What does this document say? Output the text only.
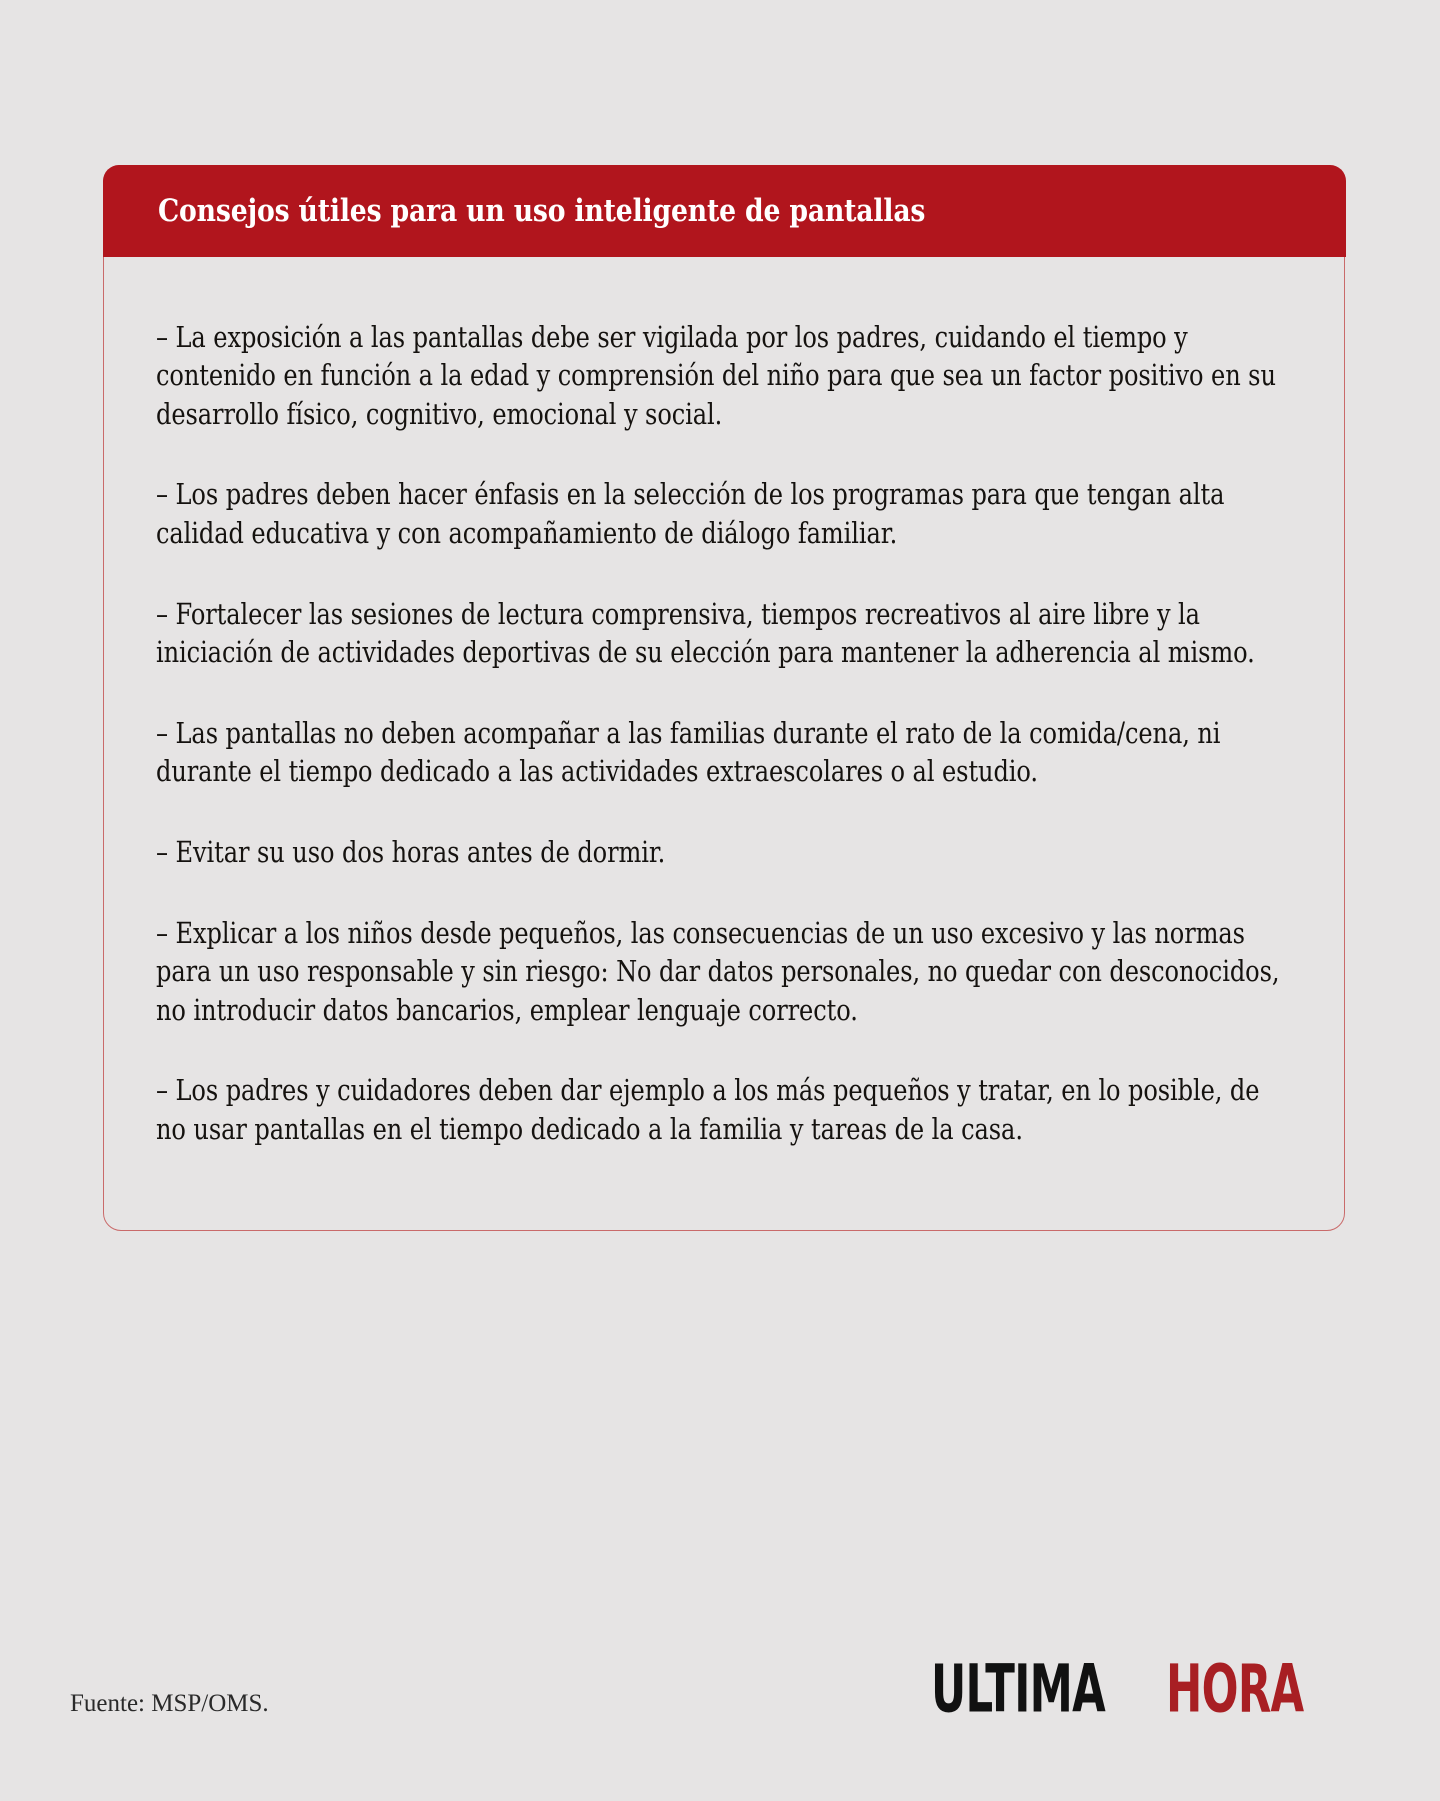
Consejos útiles para un uso inteligente de pantallas

– La exposición a las pantallas debe ser vigilada por los padres, cuidando el tiempo y contenido en función a la edad y comprensión del niño para que sea un factor positivo en su desarrollo físico, cognitivo, emocional y social.

– Los padres deben hacer énfasis en la selección de los programas para que tengan alta calidad educativa y con acompañamiento de diálogo familiar.

– Fortalecer las sesiones de lectura comprensiva, tiempos recreativos al aire libre y la iniciación de actividades deportivas de su elección para mantener la adherencia al mismo.

– Las pantallas no deben acompañar a las familias durante el rato de la comida/cena, ni durante el tiempo dedicado a las actividades extraescolares o al estudio.

– Evitar su uso dos horas antes de dormir.

– Explicar a los niños desde pequeños, las consecuencias de un uso excesivo y las normas para un uso responsable y sin riesgo: No dar datos personales, no quedar con desconocidos, no introducir datos bancarios, emplear lenguaje correcto.

– Los padres y cuidadores deben dar ejemplo a los más pequeños y tratar, en lo posible, de no usar pantallas en el tiempo dedicado a la familia y tareas de la casa.

Fuente: MSP/OMS.	ULTIMA HORA
